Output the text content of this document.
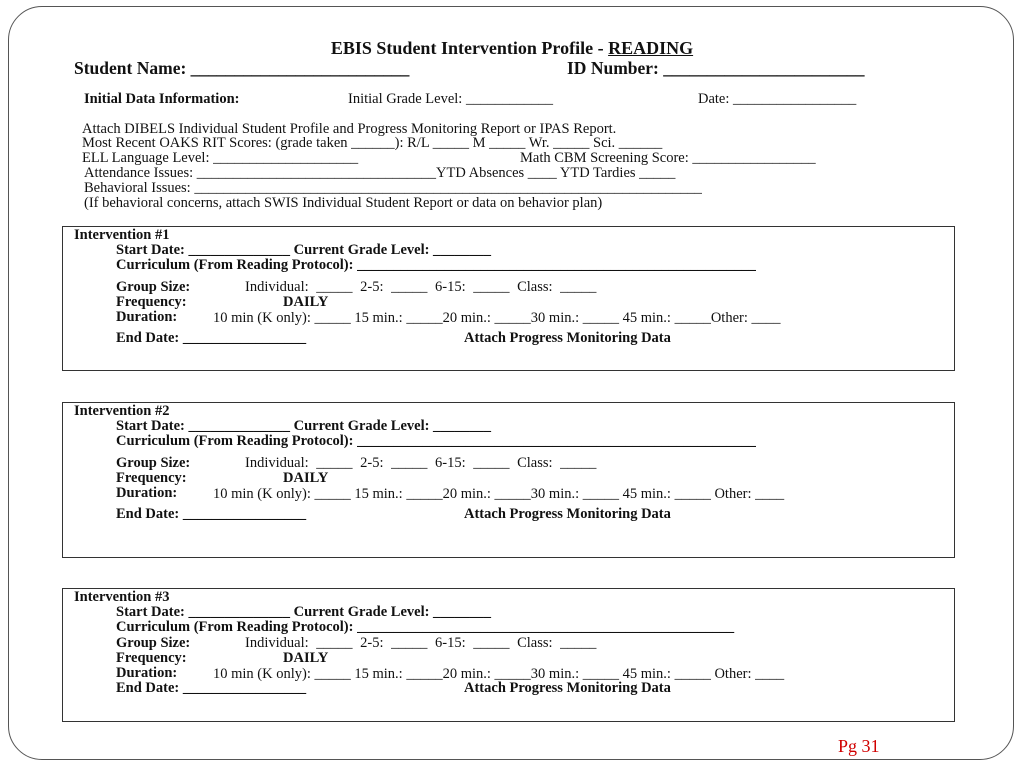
EBIS Student Intervention Profile - READING
Student Name: _________________________	ID Number: _______________________
Initial Data Information:	Initial Grade Level: ____________	Date: _________________
Attach DIBELS Individual Student Profile and Progress Monitoring Report or IPAS Report.
Most Recent OAKS RIT Scores: (grade taken ______): R/L _____ M _____ Wr. _____ Sci. ______
ELL Language Level: ____________________	Math CBM Screening Score: _________________
Attendance Issues: _________________________________YTD Absences ____ YTD Tardies _____
Behavioral Issues: ______________________________________________________________________
(If behavioral concerns, attach SWIS Individual Student Report or data on behavior plan)
Intervention #1
Start Date: ______________ Current Grade Level: ________
Curriculum (From Reading Protocol): _______________________________________________________
Group Size:	Individual: _____ 2-5: _____ 6-15: _____ Class: _____
Frequency:	DAILY
Duration: 10 min (K only): _____ 15 min.: _____20 min.: _____30 min.: _____ 45 min.: _____Other: ____
End Date: _________________	Attach Progress Monitoring Data
Intervention #2
Start Date: ______________ Current Grade Level: ________
Curriculum (From Reading Protocol): _______________________________________________________
Group Size:	Individual: _____ 2-5: _____ 6-15: _____ Class: _____
Frequency:	DAILY
Duration: 10 min (K only): _____ 15 min.: _____20 min.: _____30 min.: _____ 45 min.: _____ Other: ____
End Date: _________________	Attach Progress Monitoring Data
Intervention #3
Start Date: ______________ Current Grade Level: ________
Curriculum (From Reading Protocol): ____________________________________________________
Group Size:	Individual: _____ 2-5: _____ 6-15: _____ Class: _____
Frequency:	DAILY
Duration: 10 min (K only): _____ 15 min.: _____20 min.: _____30 min.: _____ 45 min.: _____ Other: ____
End Date: _________________	Attach Progress Monitoring Data
Pg 31
